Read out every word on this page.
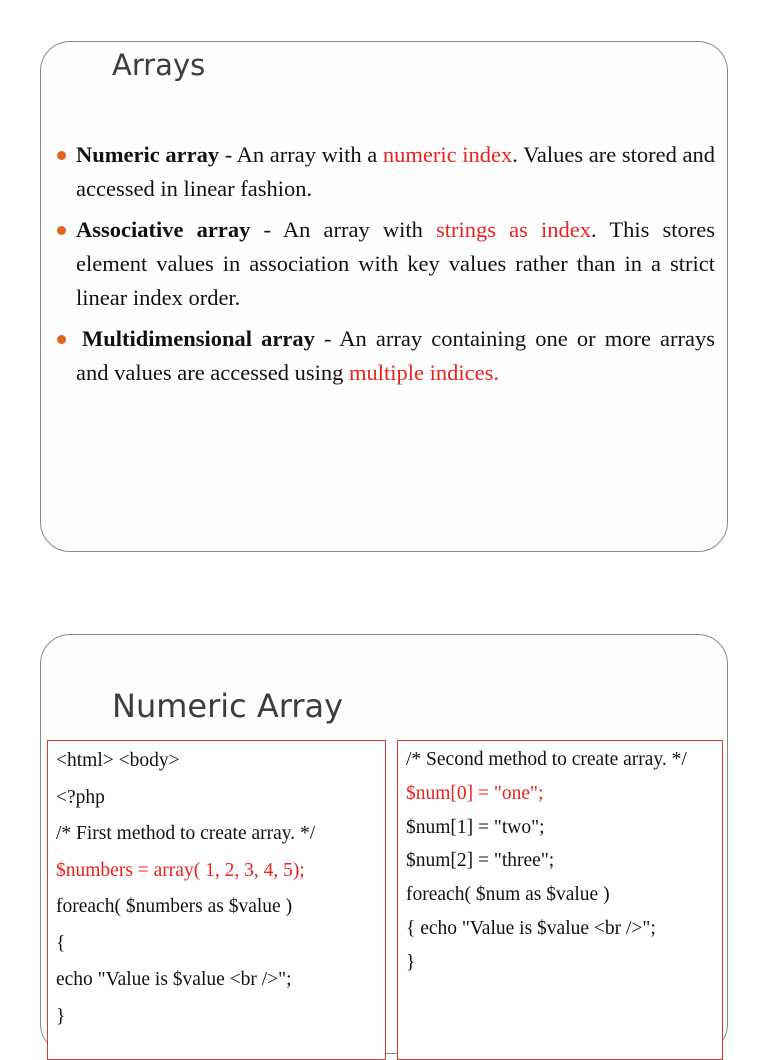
Arrays
Numeric array - An array with a numeric index. Values are stored and accessed in linear fashion.
Associative array - An array with strings as index. This stores element values in association with key values rather than in a strict linear index order.
Multidimensional array - An array containing one or more arrays and values are accessed using multiple indices.
Numeric Array

<html> <body>

<?php

/* First method to create array. */

$numbers = array( 1, 2, 3, 4, 5);

foreach( $numbers as $value )

{

echo "Value is $value <br />";

}

/* Second method to create array. */

$num[0] = "one";

$num[1] = "two";

$num[2] = "three";

foreach( $num as $value )

{ echo "Value is $value <br />";

}
